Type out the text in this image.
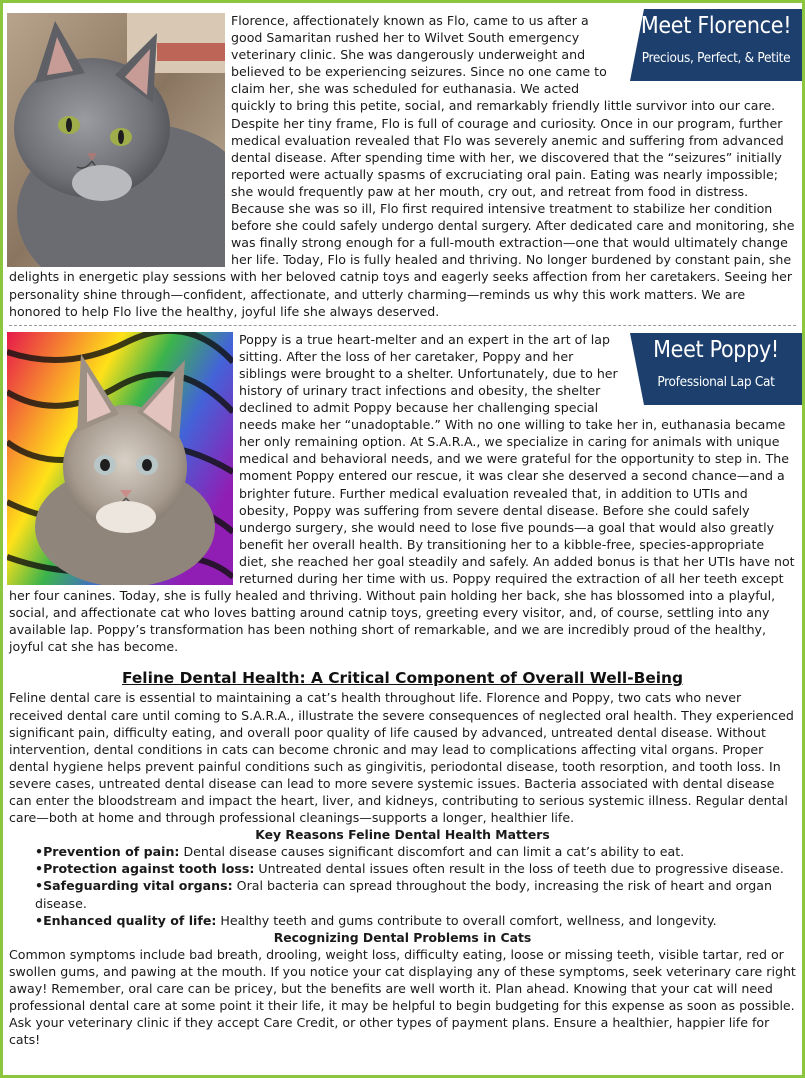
Meet Florence!
Precious, Perfect, & Petite

Florence, affectionately known as Flo, came to us after a good Samaritan rushed her to Wilvet South emergency veterinary clinic. She was dangerously underweight and believed to be experiencing seizures. Since no one came to claim her, she was scheduled for euthanasia. We acted quickly to bring this petite, social, and remarkably friendly little survivor into our care. Despite her tiny frame, Flo is full of courage and curiosity. Once in our program, further medical evaluation revealed that Flo was severely anemic and suffering from advanced dental disease. After spending time with her, we discovered that the “seizures” initially reported were actually spasms of excruciating oral pain. Eating was nearly impossible; she would frequently paw at her mouth, cry out, and retreat from food in distress. Because she was so ill, Flo first required intensive treatment to stabilize her condition before she could safely undergo dental surgery. After dedicated care and monitoring, she was finally strong enough for a full-mouth extraction—one that would ultimately change her life. Today, Flo is fully healed and thriving. No longer burdened by constant pain, she delights in energetic play sessions with her beloved catnip toys and eagerly seeks affection from her caretakers. Seeing her personality shine through—confident, affectionate, and utterly charming—reminds us why this work matters. We are honored to help Flo live the healthy, joyful life she always deserved.

Meet Poppy!
Professional Lap Cat

Poppy is a true heart-melter and an expert in the art of lap sitting. After the loss of her caretaker, Poppy and her siblings were brought to a shelter. Unfortunately, due to her history of urinary tract infections and obesity, the shelter declined to admit Poppy because her challenging special needs make her “unadoptable.” With no one willing to take her in, euthanasia became her only remaining option. At S.A.R.A., we specialize in caring for animals with unique medical and behavioral needs, and we were grateful for the opportunity to step in. The moment Poppy entered our rescue, it was clear she deserved a second chance—and a brighter future. Further medical evaluation revealed that, in addition to UTIs and obesity, Poppy was suffering from severe dental disease. Before she could safely undergo surgery, she would need to lose five pounds—a goal that would also greatly benefit her overall health. By transitioning her to a kibble-free, species-appropriate diet, she reached her goal steadily and safely. An added bonus is that her UTIs have not returned during her time with us. Poppy required the extraction of all her teeth except her four canines. Today, she is fully healed and thriving. Without pain holding her back, she has blossomed into a playful, social, and affectionate cat who loves batting around catnip toys, greeting every visitor, and, of course, settling into any available lap. Poppy’s transformation has been nothing short of remarkable, and we are incredibly proud of the healthy, joyful cat she has become.

Feline Dental Health: A Critical Component of Overall Well-Being

Feline dental care is essential to maintaining a cat’s health throughout life. Florence and Poppy, two cats who never received dental care until coming to S.A.R.A., illustrate the severe consequences of neglected oral health. They experienced significant pain, difficulty eating, and overall poor quality of life caused by advanced, untreated dental disease. Without intervention, dental conditions in cats can become chronic and may lead to complications affecting vital organs. Proper dental hygiene helps prevent painful conditions such as gingivitis, periodontal disease, tooth resorption, and tooth loss. In severe cases, untreated dental disease can lead to more severe systemic issues. Bacteria associated with dental disease can enter the bloodstream and impact the heart, liver, and kidneys, contributing to serious systemic illness. Regular dental care—both at home and through professional cleanings—supports a longer, healthier life.

Key Reasons Feline Dental Health Matters
•Prevention of pain: Dental disease causes significant discomfort and can limit a cat’s ability to eat.
•Protection against tooth loss: Untreated dental issues often result in the loss of teeth due to progressive disease.
•Safeguarding vital organs: Oral bacteria can spread throughout the body, increasing the risk of heart and organ disease.
•Enhanced quality of life: Healthy teeth and gums contribute to overall comfort, wellness, and longevity.
Recognizing Dental Problems in Cats

Common symptoms include bad breath, drooling, weight loss, difficulty eating, loose or missing teeth, visible tartar, red or swollen gums, and pawing at the mouth. If you notice your cat displaying any of these symptoms, seek veterinary care right away! Remember, oral care can be pricey, but the benefits are well worth it. Plan ahead. Knowing that your cat will need professional dental care at some point it their life, it may be helpful to begin budgeting for this expense as soon as possible. Ask your veterinary clinic if they accept Care Credit, or other types of payment plans. Ensure a healthier, happier life for cats!
